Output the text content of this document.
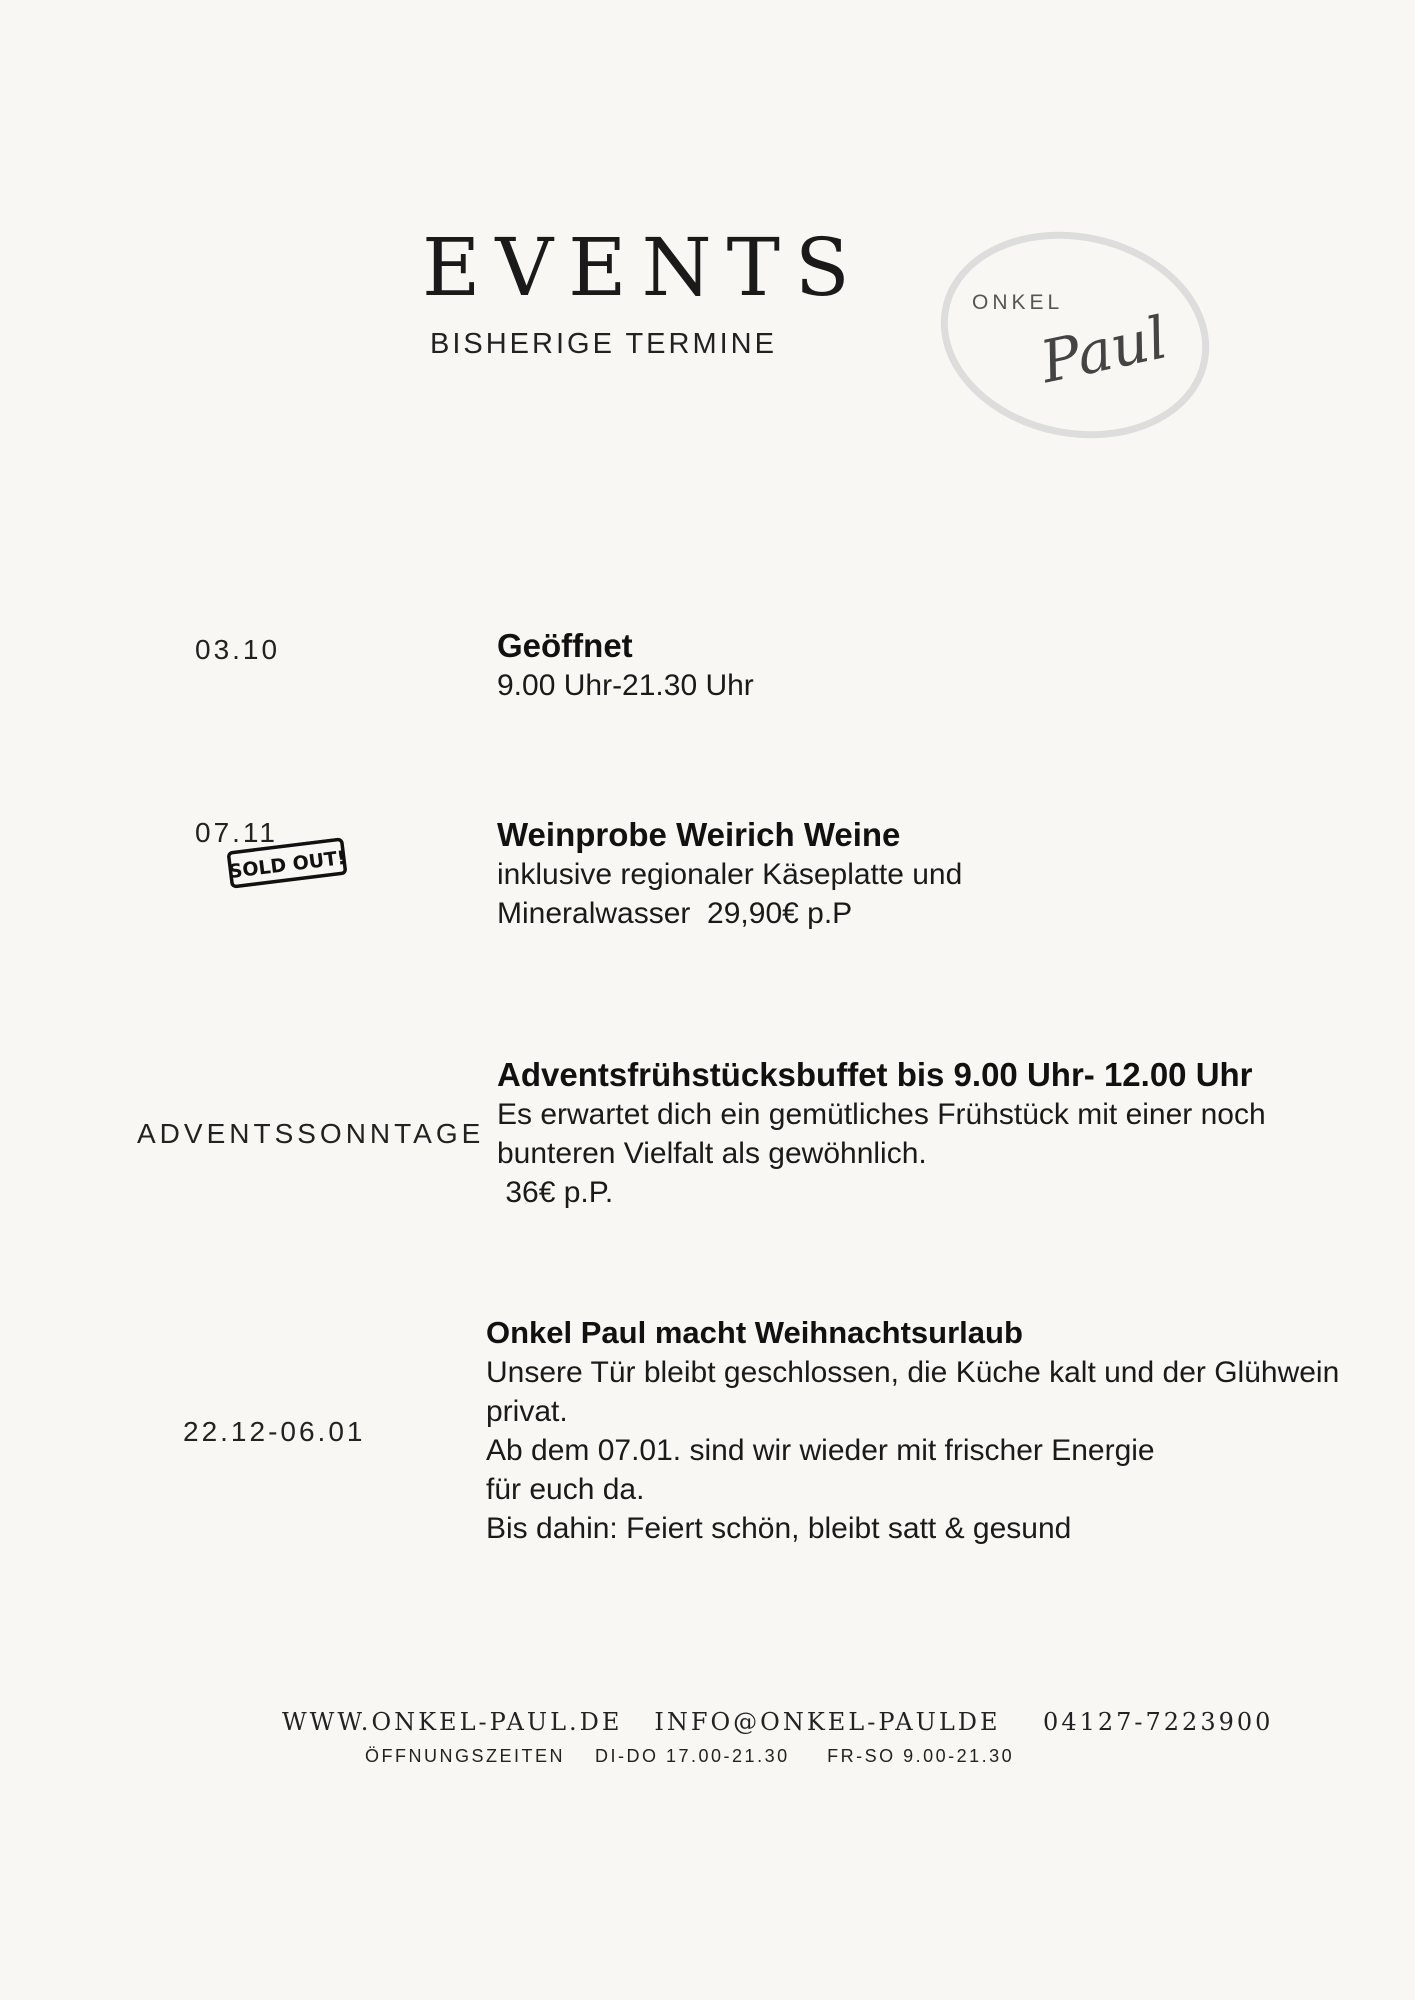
EVENTS
BISHERIGE TERMINE
ONKEL
Paul
03.10	Geöffnet
9.00 Uhr-21.30 Uhr
07.11
SOLD OUT!
Weinprobe Weirich Weine
inklusive regionaler Käseplatte und
Mineralwasser  29,90€ p.P
ADVENTSSONNTAGE
Adventsfrühstücksbuffet bis 9.00 Uhr- 12.00 Uhr
Es erwartet dich ein gemütliches Frühstück mit einer noch
bunteren Vielfalt als gewöhnlich.
36€ p.P.
22.12-06.01
Onkel Paul macht Weihnachtsurlaub
Unsere Tür bleibt geschlossen, die Küche kalt und der Glühwein
privat.
Ab dem 07.01. sind wir wieder mit frischer Energie
für euch da.
Bis dahin: Feiert schön, bleibt satt & gesund
WWW.ONKEL-PAUL.DE INFO@ONKEL-PAULDE 04127-7223900
ÖFFNUNGSZEITEN DI-DO 17.00-21.30 FR-SO 9.00-21.30
